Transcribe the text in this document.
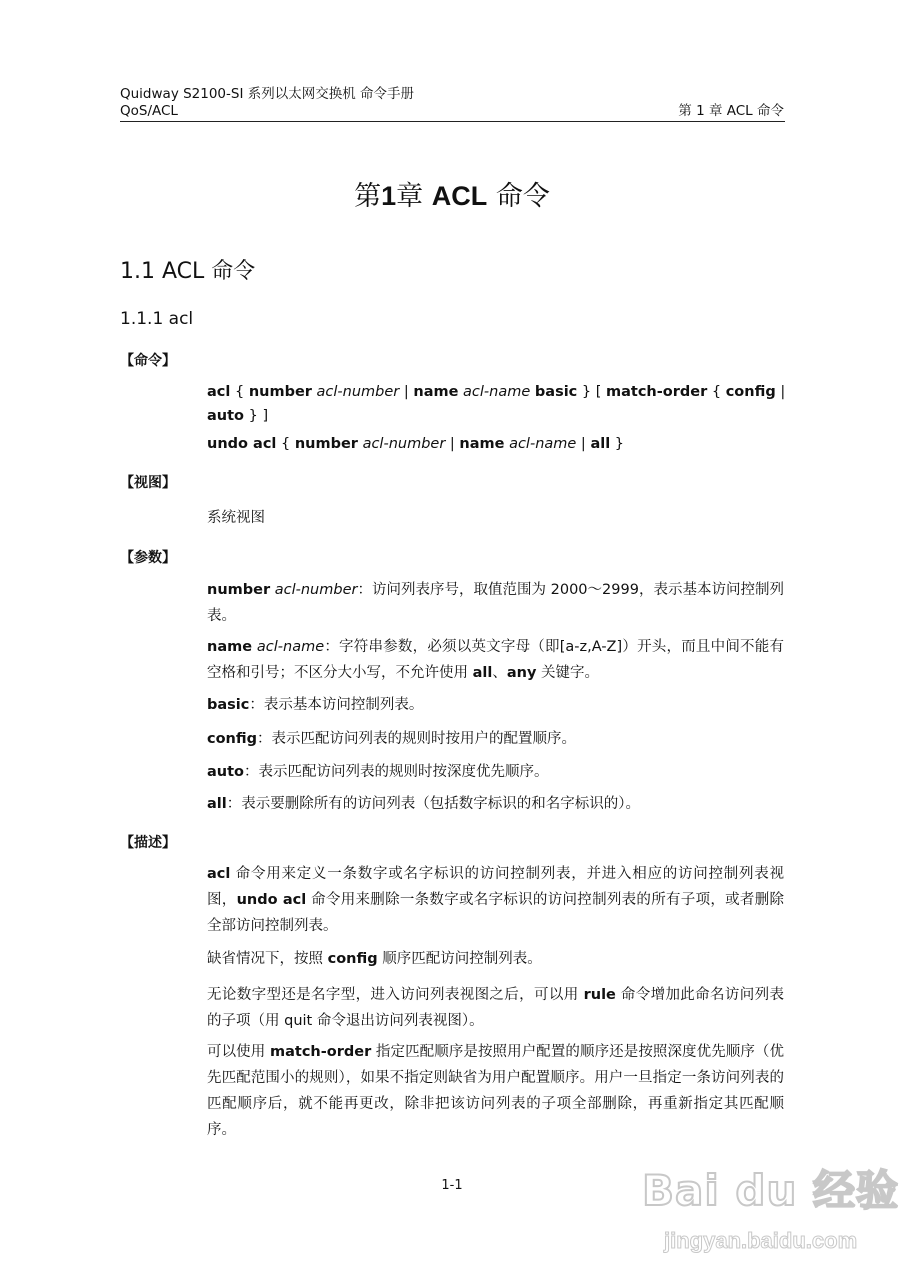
Quidway S2100-SI 系列以太网交换机 命令手册
QoS/ACL	第 1 章 ACL 命令
第1章 ACL 命令
1.1 ACL 命令
1.1.1 acl
【命令】
acl { number acl-number | name acl-name basic } [ match-order { config |
auto } ]
undo acl { number acl-number | name acl-name | all }
【视图】
系统视图
【参数】
number acl-number：访问列表序号，取值范围为 2000～2999，表示基本访问控制列表。
name acl-name：字符串参数，必须以英文字母（即[a-z,A-Z]）开头，而且中间不能有空格和引号；不区分大小写，不允许使用 all、any 关键字。
basic：表示基本访问控制列表。
config：表示匹配访问列表的规则时按用户的配置顺序。
auto：表示匹配访问列表的规则时按深度优先顺序。
all：表示要删除所有的访问列表（包括数字标识的和名字标识的）。
【描述】
acl 命令用来定义一条数字或名字标识的访问控制列表，并进入相应的访问控制列表视图，undo acl 命令用来删除一条数字或名字标识的访问控制列表的所有子项，或者删除全部访问控制列表。
缺省情况下，按照 config 顺序匹配访问控制列表。
无论数字型还是名字型，进入访问列表视图之后，可以用 rule 命令增加此命名访问列表的子项（用 quit 命令退出访问列表视图）。
可以使用 match-order 指定匹配顺序是按照用户配置的顺序还是按照深度优先顺序（优先匹配范围小的规则），如果不指定则缺省为用户配置顺序。用户一旦指定一条访问列表的匹配顺序后，就不能再更改，除非把该访问列表的子项全部删除，再重新指定其匹配顺序。
1-1	Bai du 经验
jingyan.baidu.com
